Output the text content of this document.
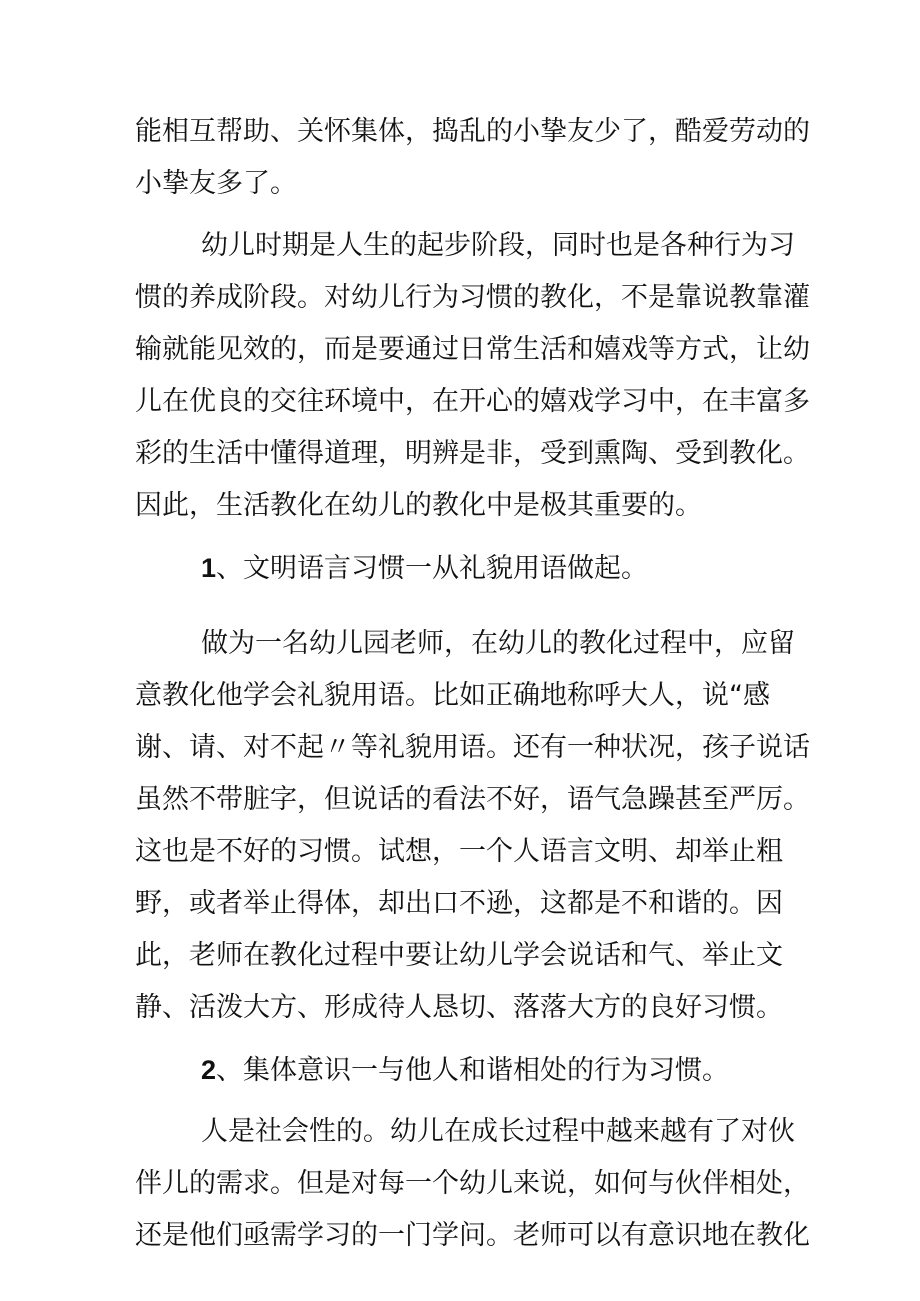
能相互帮助、关怀集体，捣乱的小挚友少了，酷爱劳动的
小挚友多了。
幼儿时期是人生的起步阶段，同时也是各种行为习
惯的养成阶段。对幼儿行为习惯的教化，不是靠说教靠灌
输就能见效的，而是要通过日常生活和嬉戏等方式，让幼
儿在优良的交往环境中，在开心的嬉戏学习中，在丰富多
彩的生活中懂得道理，明辨是非，受到熏陶、受到教化。
因此，生活教化在幼儿的教化中是极其重要的。
1、文明语言习惯一从礼貌用语做起。
做为一名幼儿园老师，在幼儿的教化过程中，应留
意教化他学会礼貌用语。比如正确地称呼大人，说“感
谢、请、对不起〃等礼貌用语。还有一种状况，孩子说话
虽然不带脏字，但说话的看法不好，语气急躁甚至严厉。
这也是不好的习惯。试想，一个人语言文明、却举止粗
野，或者举止得体，却出口不逊，这都是不和谐的。因
此，老师在教化过程中要让幼儿学会说话和气、举止文
静、活泼大方、形成待人恳切、落落大方的良好习惯。
2、集体意识一与他人和谐相处的行为习惯。
人是社会性的。幼儿在成长过程中越来越有了对伙
伴儿的需求。但是对每一个幼儿来说，如何与伙伴相处，
还是他们亟需学习的一门学问。老师可以有意识地在教化
